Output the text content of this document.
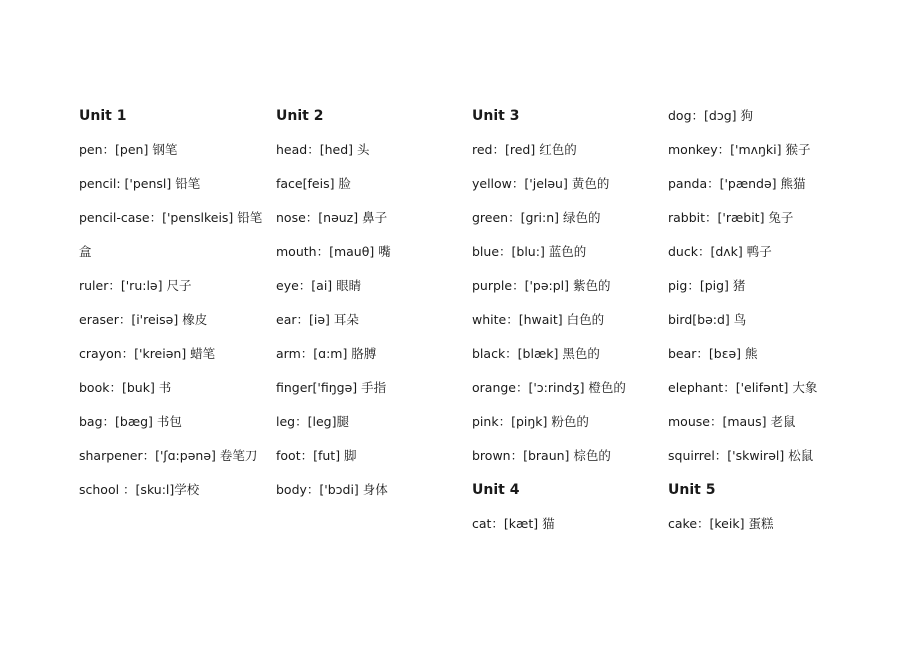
Unit 1
pen：[pen] 钢笔
pencil: ['pensl] 铅笔
pencil-case：['penslkeis] 铅笔
盒
ruler：['ru:lə] 尺子
eraser：[i'reisə] 橡皮
crayon：['kreiən] 蜡笔
book：[buk] 书
bag：[bæg] 书包
sharpener：['ʃɑ:pənə] 卷笔刀
school ：[sku:l]学校
Unit 2
head：[hed] 头
face[feis] 脸
nose：[nəuz] 鼻子
mouth：[mauθ] 嘴
eye：[ai] 眼睛
ear：[iə] 耳朵
arm：[ɑ:m] 胳膊
finger['fiŋgə] 手指
leg：[leg]腿
foot：[fut] 脚
body：['bɔdi] 身体
Unit 3
red：[red] 红色的
yellow：['jeləu] 黄色的
green：[gri:n] 绿色的
blue：[blu:] 蓝色的
purple：['pə:pl] 紫色的
white：[hwait] 白色的
black：[blæk] 黑色的
orange：['ɔ:rindʒ] 橙色的
pink：[piŋk] 粉色的
brown：[braun] 棕色的
Unit 4
cat：[kæt] 猫
dog：[dɔg] 狗
monkey：['mʌŋki] 猴子
panda：['pændə] 熊猫
rabbit：['ræbit] 兔子
duck：[dʌk] 鸭子
pig：[pig] 猪
bird[bə:d] 鸟
bear：[bɛə] 熊
elephant：['elifənt] 大象
mouse：[maus] 老鼠
squirrel：['skwirəl] 松鼠
Unit 5
cake：[keik] 蛋糕
